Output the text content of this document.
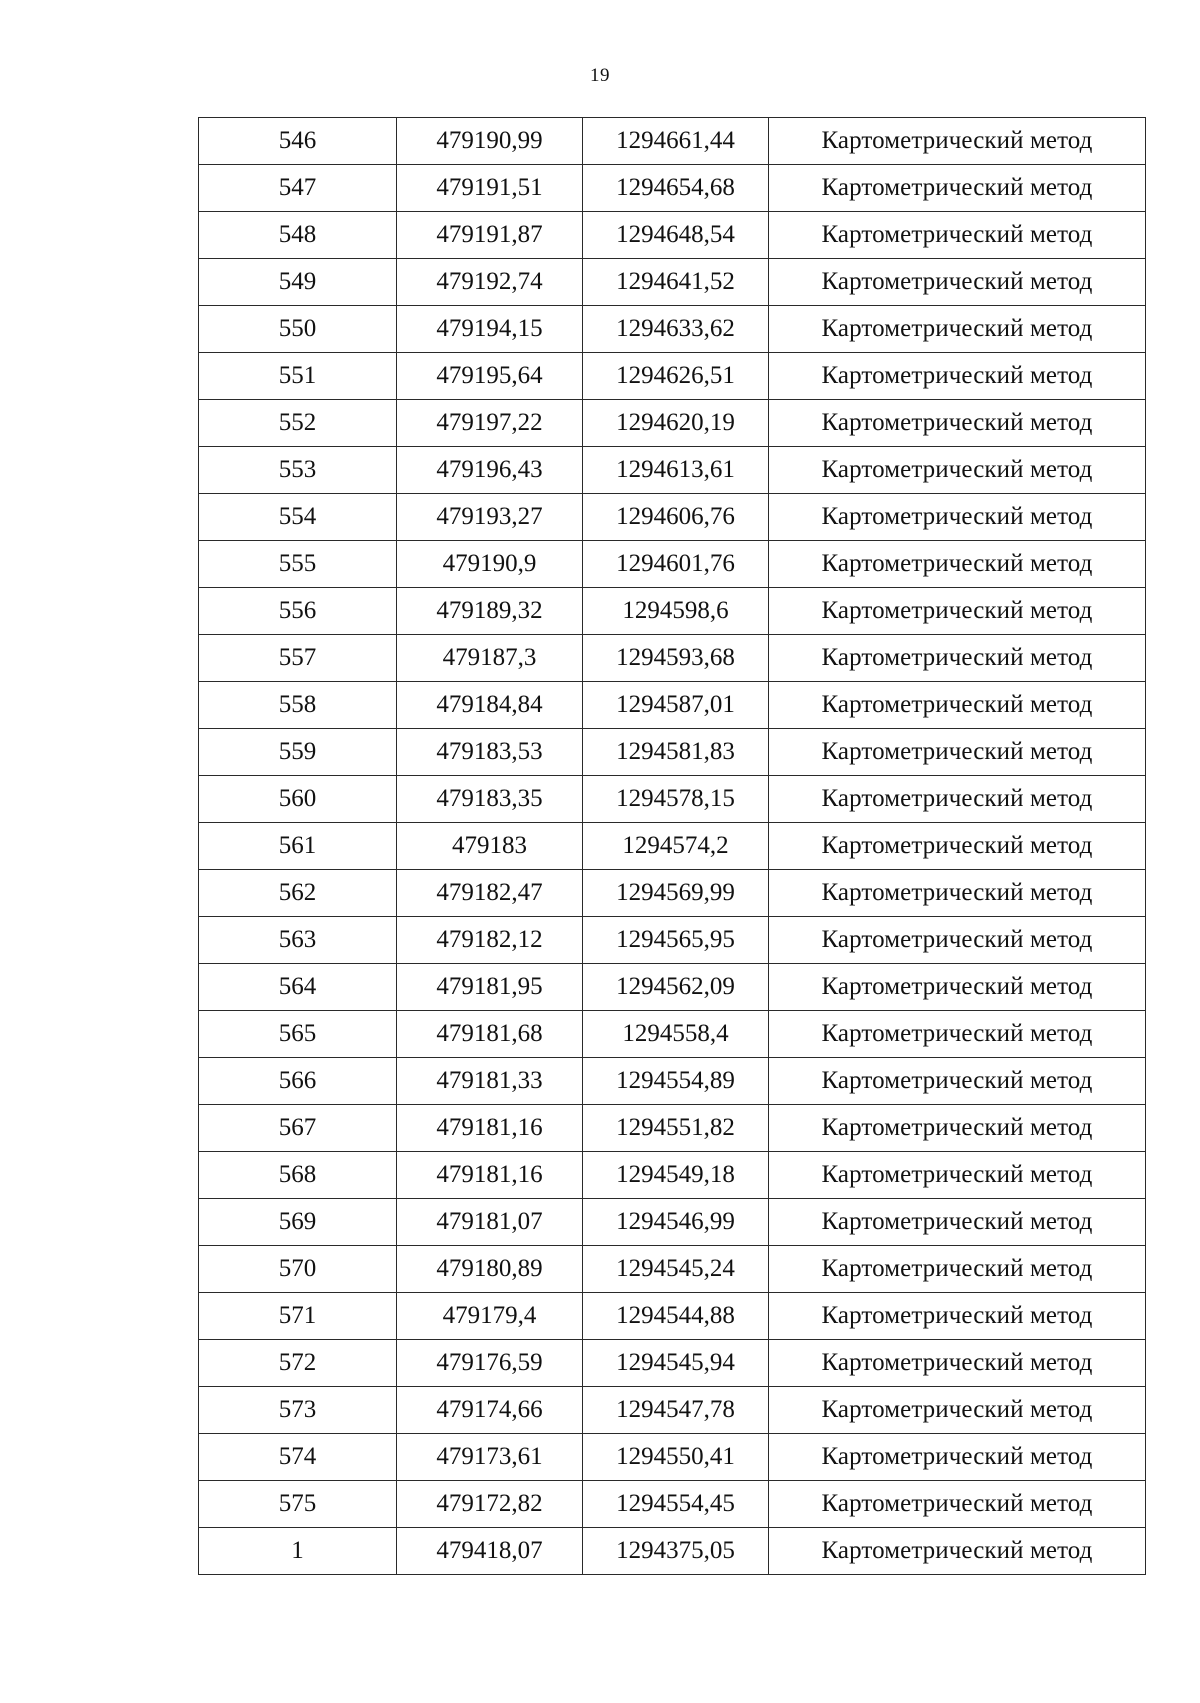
19
546	479190,99	1294661,44	Картометрический метод
547	479191,51	1294654,68	Картометрический метод
548	479191,87	1294648,54	Картометрический метод
549	479192,74	1294641,52	Картометрический метод
550	479194,15	1294633,62	Картометрический метод
551	479195,64	1294626,51	Картометрический метод
552	479197,22	1294620,19	Картометрический метод
553	479196,43	1294613,61	Картометрический метод
554	479193,27	1294606,76	Картометрический метод
555	479190,9	1294601,76	Картометрический метод
556	479189,32	1294598,6	Картометрический метод
557	479187,3	1294593,68	Картометрический метод
558	479184,84	1294587,01	Картометрический метод
559	479183,53	1294581,83	Картометрический метод
560	479183,35	1294578,15	Картометрический метод
561	479183	1294574,2	Картометрический метод
562	479182,47	1294569,99	Картометрический метод
563	479182,12	1294565,95	Картометрический метод
564	479181,95	1294562,09	Картометрический метод
565	479181,68	1294558,4	Картометрический метод
566	479181,33	1294554,89	Картометрический метод
567	479181,16	1294551,82	Картометрический метод
568	479181,16	1294549,18	Картометрический метод
569	479181,07	1294546,99	Картометрический метод
570	479180,89	1294545,24	Картометрический метод
571	479179,4	1294544,88	Картометрический метод
572	479176,59	1294545,94	Картометрический метод
573	479174,66	1294547,78	Картометрический метод
574	479173,61	1294550,41	Картометрический метод
575	479172,82	1294554,45	Картометрический метод
1	479418,07	1294375,05	Картометрический метод
